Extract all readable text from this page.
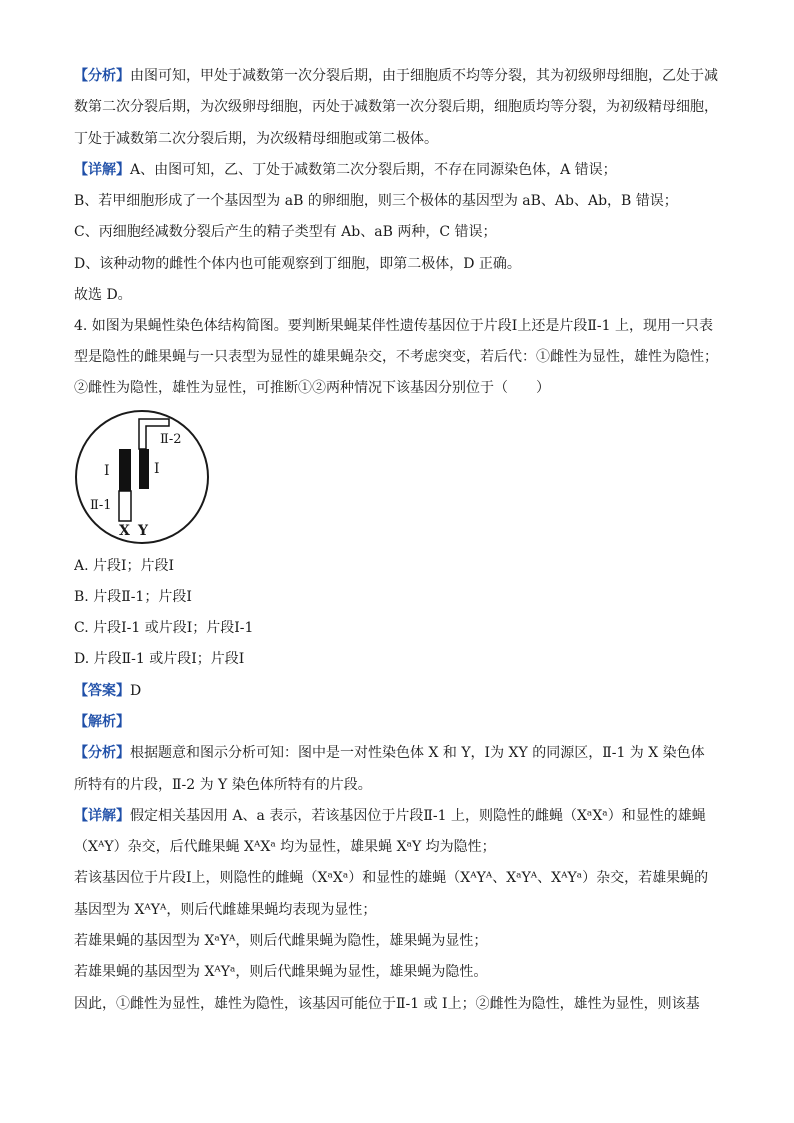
【分析】由图可知，甲处于减数第一次分裂后期，由于细胞质不均等分裂，其为初级卵母细胞，乙处于减
数第二次分裂后期，为次级卵母细胞，丙处于减数第一次分裂后期，细胞质均等分裂，为初级精母细胞，
丁处于减数第二次分裂后期，为次级精母细胞或第二极体。
【详解】A、由图可知，乙、丁处于减数第二次分裂后期，不存在同源染色体，A 错误；
B、若甲细胞形成了一个基因型为 aB 的卵细胞，则三个极体的基因型为 aB、Ab、Ab，B 错误；
C、丙细胞经减数分裂后产生的精子类型有 Ab、aB 两种，C 错误；
D、该种动物的雌性个体内也可能观察到丁细胞，即第二极体，D 正确。
故选 D。
4. 如图为果蝇性染色体结构简图。要判断果蝇某伴性遗传基因位于片段Ⅰ上还是片段Ⅱ-1 上，现用一只表
型是隐性的雌果蝇与一只表型为显性的雄果蝇杂交，不考虑突变，若后代：①雌性为显性，雄性为隐性；
②雌性为隐性，雄性为显性，可推断①②两种情况下该基因分别位于（　　）
Ⅰ	Ⅰ
Ⅱ-1
Ⅱ-2
X Y
A. 片段Ⅰ；片段Ⅰ
B. 片段Ⅱ-1；片段Ⅰ
C. 片段Ⅰ-1 或片段Ⅰ；片段Ⅰ-1
D. 片段Ⅱ-1 或片段Ⅰ；片段Ⅰ
【答案】D
【解析】
【分析】根据题意和图示分析可知：图中是一对性染色体 X 和 Y，Ⅰ为 XY 的同源区，Ⅱ-1 为 X 染色体
所特有的片段，Ⅱ-2 为 Y 染色体所特有的片段。
【详解】假定相关基因用 A、a 表示，若该基因位于片段Ⅱ-1 上，则隐性的雌蝇（XᵃXᵃ）和显性的雄蝇
（XᴬY）杂交，后代雌果蝇 XᴬXᵃ 均为显性，雄果蝇 XᵃY 均为隐性；
若该基因位于片段Ⅰ上，则隐性的雌蝇（XᵃXᵃ）和显性的雄蝇（XᴬYᴬ、XᵃYᴬ、XᴬYᵃ）杂交，若雄果蝇的
基因型为 XᴬYᴬ，则后代雌雄果蝇均表现为显性；
若雄果蝇的基因型为 XᵃYᴬ，则后代雌果蝇为隐性，雄果蝇为显性；
若雄果蝇的基因型为 XᴬYᵃ，则后代雌果蝇为显性，雄果蝇为隐性。
因此，①雌性为显性，雄性为隐性，该基因可能位于Ⅱ-1 或 Ⅰ上；②雌性为隐性，雄性为显性，则该基
